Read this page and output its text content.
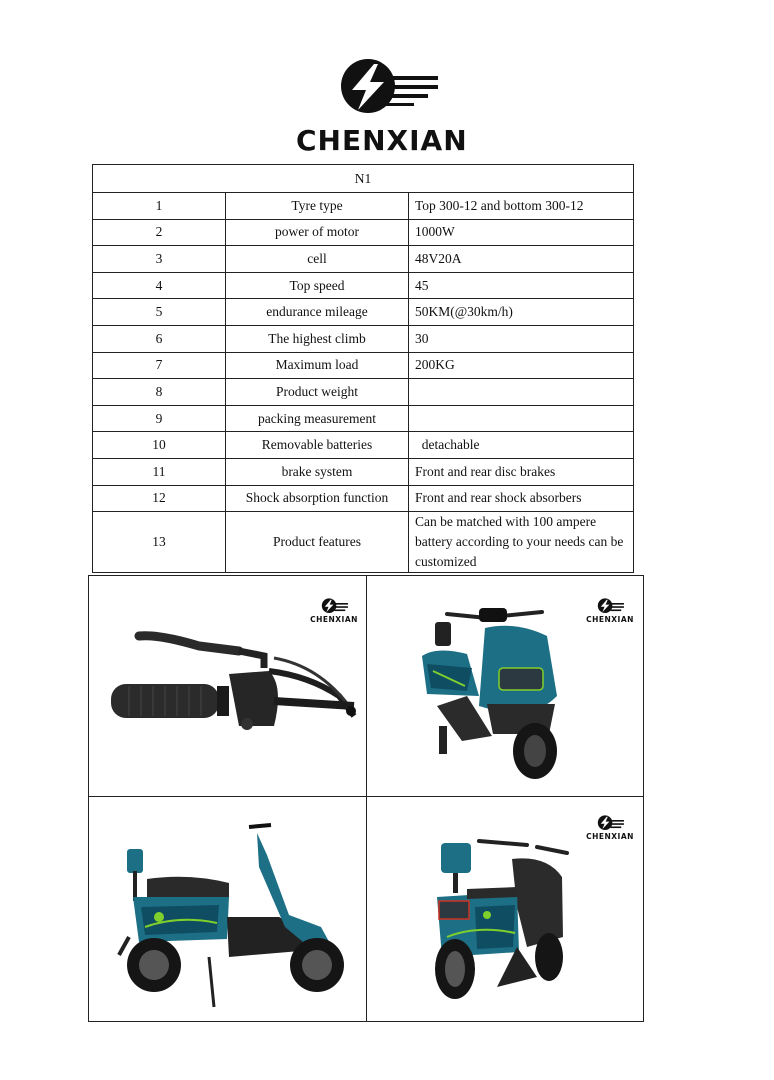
CHENXIAN
N1		
1	Tyre type	Top 300-12 and bottom 300-12
2	power of motor	1000W
3	cell	48V20A
4	Top speed	45
5	endurance mileage	50KM(@30km/h)
6	The highest climb	30
7	Maximum load	200KG
8	Product weight	
9	packing measurement	
10	Removable batteries	detachable
11	brake system	Front and rear disc brakes
12	Shock absorption function	Front and rear shock absorbers
13	Product features	Can be matched with 100 ampere battery according to your needs can be customized
CHENXIAN	CHENXIAN
CHENXIAN
